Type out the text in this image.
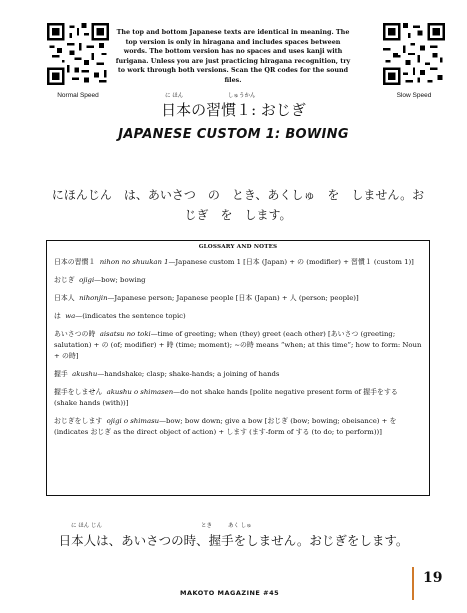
Normal Speed	Slow Speed
The top and bottom Japanese texts are identical in meaning. The top version is only in hiragana and includes spaces between words. The bottom version has no spaces and uses kanji with furigana. Unless you are just practicing hiragana recognition, try to work through both versions. Scan the QR codes for the sound files.
に ほん	しゅうかん
日本の習慣１: おじぎ
JAPANESE CUSTOM 1: BOWING
にほんじん　は、あいさつ　の　とき、あくしゅ　を　しません。おじぎ　を　します。
GLOSSARY AND NOTES
日本の習慣１ nihon no shuukan 1—Japanese custom 1 [日本 (Japan) + の (modifier) + 習慣１ (custom 1)]
おじぎ ojigi—bow; bowing
日本人 nihonjin—Japanese person; Japanese people [日本 (Japan) + 人 (person; people)]
は wa—(indicates the sentence topic)
あいさつの時 aisatsu no toki—time of greeting; when (they) greet (each other) [あいさつ (greeting; salutation) + の (of; modifier) + 時 (time; moment); ~の時 means “when; at this time”; how to form: Noun + の時]
握手 akushu—handshake; clasp; shake-hands; a joining of hands
握手をしません akushu o shimasen—do not shake hands [polite negative present form of 握手をする (shake hands (with))]
おじぎをします ojigi o shimasu—bow; bow down; give a bow [おじぎ (bow; bowing; obeisance) + を (indicates おじぎ as the direct object of action) + します (ます-form of する (to do; to perform))]
に ほん じん	とき	あく しゅ
日本人は、あいさつの時、握手をしません。おじぎをします。
MAKOTO MAGAZINE #45
19
